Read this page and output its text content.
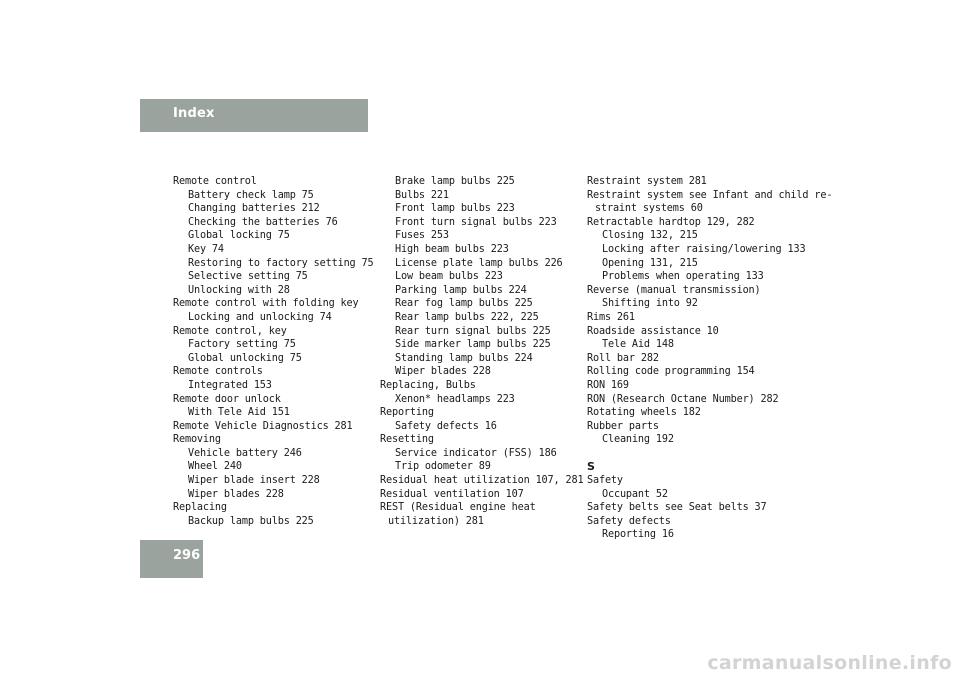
Index
Remote control
Battery check lamp 75
Changing batteries 212
Checking the batteries 76
Global locking 75
Key 74
Restoring to factory setting 75
Selective setting 75
Unlocking with 28
Remote control with folding key
Locking and unlocking 74
Remote control, key
Factory setting 75
Global unlocking 75
Remote controls
Integrated 153
Remote door unlock
With Tele Aid 151
Remote Vehicle Diagnostics 281
Removing
Vehicle battery 246
Wheel 240
Wiper blade insert 228
Wiper blades 228
Replacing
Backup lamp bulbs 225
Brake lamp bulbs 225
Bulbs 221
Front lamp bulbs 223
Front turn signal bulbs 223
Fuses 253
High beam bulbs 223
License plate lamp bulbs 226
Low beam bulbs 223
Parking lamp bulbs 224
Rear fog lamp bulbs 225
Rear lamp bulbs 222, 225
Rear turn signal bulbs 225
Side marker lamp bulbs 225
Standing lamp bulbs 224
Wiper blades 228
Replacing, Bulbs
Xenon* headlamps 223
Reporting
Safety defects 16
Resetting
Service indicator (FSS) 186
Trip odometer 89
Residual heat utilization 107, 281
Residual ventilation 107
REST (Residual engine heat
utilization) 281
Restraint system 281
Restraint system see Infant and child re-
straint systems 60
Retractable hardtop 129, 282
Closing 132, 215
Locking after raising/lowering 133
Opening 131, 215
Problems when operating 133
Reverse (manual transmission)
Shifting into 92
Rims 261
Roadside assistance 10
Tele Aid 148
Roll bar 282
Rolling code programming 154
RON 169
RON (Research Octane Number) 282
Rotating wheels 182
Rubber parts
Cleaning 192
S
Safety
Occupant 52
Safety belts see Seat belts 37
Safety defects
Reporting 16
296
carmanualsonline.info
